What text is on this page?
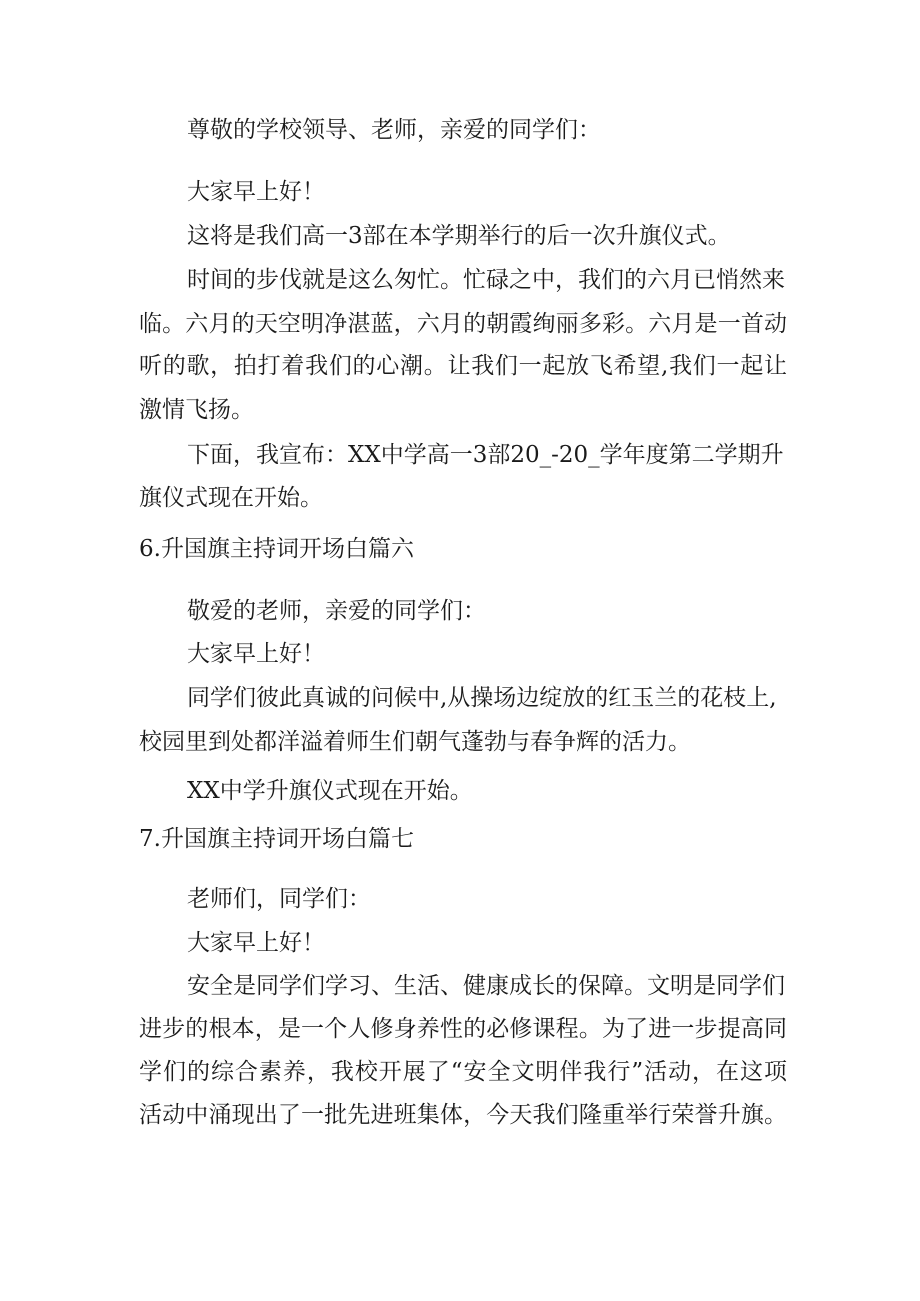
尊敬的学校领导、老师，亲爱的同学们：
大家早上好！
这将是我们高一3部在本学期举行的后一次升旗仪式。
时间的步伐就是这么匆忙。忙碌之中，我们的六月已悄然来
临。六月的天空明净湛蓝，六月的朝霞绚丽多彩。六月是一首动
听的歌，拍打着我们的心潮。让我们一起放飞希望,我们一起让
激情飞扬。
下面，我宣布：XX中学高一3部20_-20_学年度第二学期升
旗仪式现在开始。
6.升国旗主持词开场白篇六
敬爱的老师，亲爱的同学们：
大家早上好！
同学们彼此真诚的问候中,从操场边绽放的红玉兰的花枝上,
校园里到处都洋溢着师生们朝气蓬勃与春争辉的活力。
XX中学升旗仪式现在开始。
7.升国旗主持词开场白篇七
老师们，同学们：
大家早上好！
安全是同学们学习、生活、健康成长的保障。文明是同学们
进步的根本，是一个人修身养性的必修课程。为了进一步提高同
学们的综合素养，我校开展了“安全文明伴我行”活动，在这项
活动中涌现出了一批先进班集体，今天我们隆重举行荣誉升旗。
